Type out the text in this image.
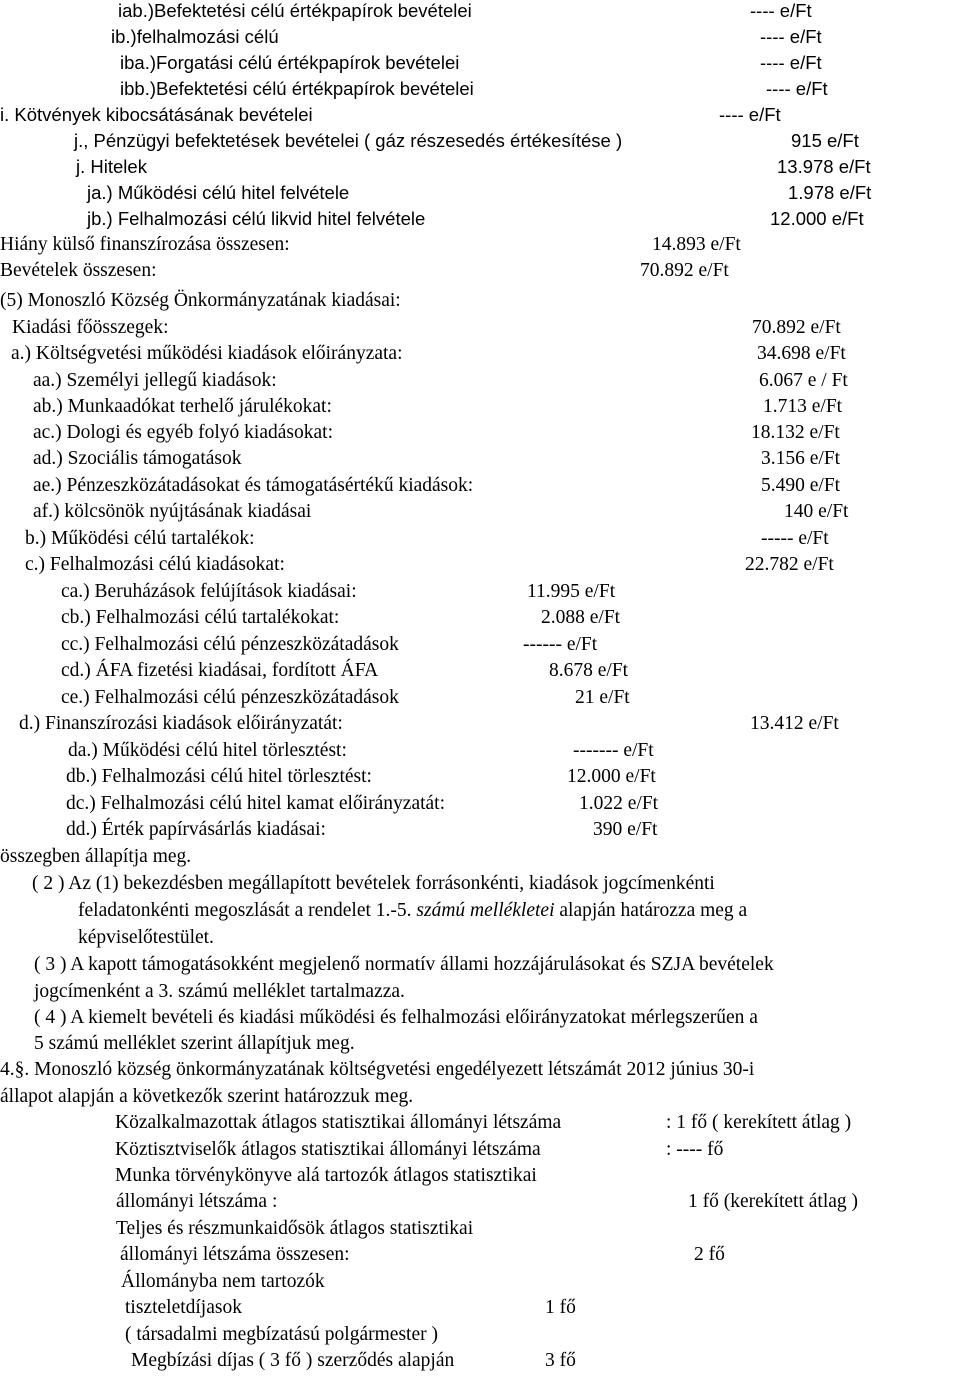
iab.)Befektetési célú értékpapírok bevételei	---- e/Ft
ib.)felhalmozási célú	---- e/Ft
iba.)Forgatási célú értékpapírok bevételei	---- e/Ft
ibb.)Befektetési célú értékpapírok bevételei	---- e/Ft
i. Kötvények kibocsátásának bevételei	---- e/Ft
j., Pénzügyi befektetések bevételei ( gáz részesedés értékesítése )	915 e/Ft
j. Hitelek	13.978 e/Ft
ja.) Működési célú hitel felvétele	1.978 e/Ft
jb.) Felhalmozási célú likvid hitel felvétele	12.000 e/Ft
Hiány külső finanszírozása összesen:	14.893 e/Ft
Bevételek összesen:	70.892 e/Ft
(5) Monoszló Község Önkormányzatának kiadásai:
Kiadási főösszegek:	70.892 e/Ft
a.) Költségvetési működési kiadások előirányzata:	34.698 e/Ft
aa.) Személyi jellegű kiadások:	6.067 e / Ft
ab.) Munkaadókat terhelő járulékokat:	1.713 e/Ft
ac.) Dologi és egyéb folyó kiadásokat:	18.132 e/Ft
ad.) Szociális támogatások	3.156 e/Ft
ae.) Pénzeszközátadásokat és támogatásértékű kiadások:	5.490 e/Ft
af.) kölcsönök nyújtásának kiadásai	140 e/Ft
b.) Működési célú tartalékok:	----- e/Ft
c.) Felhalmozási célú kiadásokat:	22.782 e/Ft
ca.) Beruházások felújítások kiadásai:	11.995 e/Ft
cb.) Felhalmozási célú tartalékokat:	2.088 e/Ft
cc.) Felhalmozási célú pénzeszközátadások	------ e/Ft
cd.) ÁFA fizetési kiadásai, fordított ÁFA	8.678 e/Ft
ce.) Felhalmozási célú pénzeszközátadások	21 e/Ft
d.) Finanszírozási kiadások előirányzatát:	13.412 e/Ft
da.) Működési célú hitel törlesztést:	------- e/Ft
db.) Felhalmozási célú hitel törlesztést:	12.000 e/Ft
dc.) Felhalmozási célú hitel kamat előirányzatát:	1.022 e/Ft
dd.) Érték papírvásárlás kiadásai:	390 e/Ft
összegben állapítja meg.
( 2 ) Az (1) bekezdésben megállapított bevételek forrásonkénti, kiadások jogcímenkénti
feladatonkénti megoszlását a rendelet 1.-5. számú mellékletei alapján határozza meg a
képviselőtestület.
( 3 ) A kapott támogatásokként megjelenő normatív állami hozzájárulásokat és SZJA bevételek
jogcímenként a 3. számú melléklet tartalmazza.
( 4 ) A kiemelt bevételi és kiadási működési és felhalmozási előirányzatokat mérlegszerűen a
5 számú melléklet szerint állapítjuk meg.
4.§. Monoszló község önkormányzatának költségvetési engedélyezett létszámát 2012 június 30-i
állapot alapján a következők szerint határozzuk meg.
Közalkalmazottak átlagos statisztikai állományi létszáma	: 1 fő ( kerekített átlag )
Köztisztviselők átlagos statisztikai állományi létszáma	: ---- fő
Munka törvénykönyve alá tartozók átlagos statisztikai
állományi létszáma :	1 fő (kerekített átlag )
Teljes és részmunkaidősök átlagos statisztikai
állományi létszáma összesen:	2 fő
Állományba nem tartozók
tiszteletdíjasok	1 fő
( társadalmi megbízatású polgármester )
Megbízási díjas ( 3 fő ) szerződés alapján	3 fő
